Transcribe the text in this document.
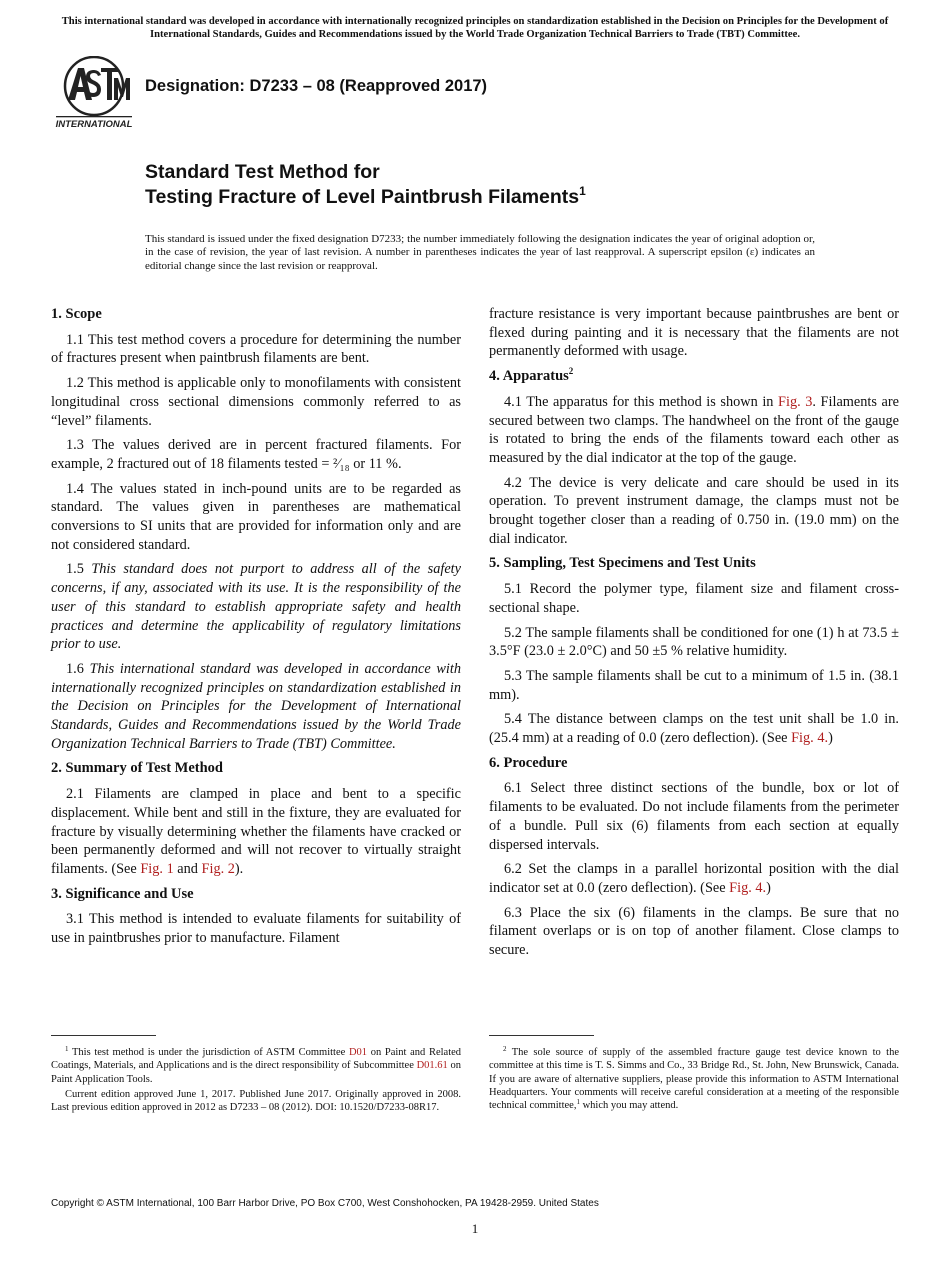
This international standard was developed in accordance with internationally recognized principles on standardization established in the Decision on Principles for the Development of International Standards, Guides and Recommendations issued by the World Trade Organization Technical Barriers to Trade (TBT) Committee.
INTERNATIONAL
Designation: D7233 – 08 (Reapproved 2017)
Standard Test Method for
Testing Fracture of Level Paintbrush Filaments$^1$
This standard is issued under the fixed designation D7233; the number immediately following the designation indicates the year of original adoption or, in the case of revision, the year of last revision. A number in parentheses indicates the year of last reapproval. A superscript epsilon (ε) indicates an editorial change since the last revision or reapproval.
1. Scope

1.1 This test method covers a procedure for determining the number of fractures present when paintbrush filaments are bent.

1.2 This method is applicable only to monofilaments with consistent longitudinal cross sectional dimensions commonly referred to as “level” filaments.

1.3 The values derived are in percent fractured filaments. For example, 2 fractured out of 18 filaments tested = ²⁄₁₈ or 11 %.

1.4 The values stated in inch-pound units are to be regarded as standard. The values given in parentheses are mathematical conversions to SI units that are provided for information only and are not considered standard.

1.5 This standard does not purport to address all of the safety concerns, if any, associated with its use. It is the responsibility of the user of this standard to establish appropriate safety and health practices and determine the applicability of regulatory limitations prior to use.

1.6 This international standard was developed in accordance with internationally recognized principles on standardization established in the Decision on Principles for the Development of International Standards, Guides and Recommendations issued by the World Trade Organization Technical Barriers to Trade (TBT) Committee.

2. Summary of Test Method

2.1 Filaments are clamped in place and bent to a specific displacement. While bent and still in the fixture, they are evaluated for fracture by visually determining whether the filaments have cracked or been permanently deformed and will not recover to virtually straight filaments. (See Fig. 1 and Fig. 2).

3. Significance and Use

3.1 This method is intended to evaluate filaments for suitability of use in paintbrushes prior to manufacture. Filament

fracture resistance is very important because paintbrushes are bent or flexed during painting and it is necessary that the filaments are not permanently deformed with usage.

4. Apparatus$^2$

4.1 The apparatus for this method is shown in Fig. 3. Filaments are secured between two clamps. The handwheel on the front of the gauge is rotated to bring the ends of the filaments toward each other as measured by the dial indicator at the top of the gauge.

4.2 The device is very delicate and care should be used in its operation. To prevent instrument damage, the clamps must not be brought together closer than a reading of 0.750 in. (19.0 mm) on the dial indicator.

5. Sampling, Test Specimens and Test Units

5.1 Record the polymer type, filament size and filament cross-sectional shape.

5.2 The sample filaments shall be conditioned for one (1) h at 73.5 ± 3.5°F (23.0 ± 2.0°C) and 50 ±5 % relative humidity.

5.3 The sample filaments shall be cut to a minimum of 1.5 in. (38.1 mm).

5.4 The distance between clamps on the test unit shall be 1.0 in. (25.4 mm) at a reading of 0.0 (zero deflection). (See Fig. 4.)

6. Procedure

6.1 Select three distinct sections of the bundle, box or lot of filaments to be evaluated. Do not include filaments from the perimeter of a bundle. Pull six (6) filaments from each section at equally dispersed intervals.

6.2 Set the clamps in a parallel horizontal position with the dial indicator set at 0.0 (zero deflection). (See Fig. 4.)

6.3 Place the six (6) filaments in the clamps. Be sure that no filament overlaps or is on top of another filament. Close clamps to secure.

$^1$ This test method is under the jurisdiction of ASTM Committee D01 on Paint and Related Coatings, Materials, and Applications and is the direct responsibility of Subcommittee D01.61 on Paint Application Tools.

Current edition approved June 1, 2017. Published June 2017. Originally approved in 2008. Last previous edition approved in 2012 as D7233 – 08 (2012). DOI: 10.1520/D7233-08R17.

$^2$ The sole source of supply of the assembled fracture gauge test device known to the committee at this time is T. S. Simms and Co., 33 Bridge Rd., St. John, New Brunswick, Canada. If you are aware of alternative suppliers, please provide this information to ASTM International Headquarters. Your comments will receive careful consideration at a meeting of the responsible technical committee,$^1$ which you may attend.

Copyright © ASTM International, 100 Barr Harbor Drive, PO Box C700, West Conshohocken, PA 19428-2959. United States
1
